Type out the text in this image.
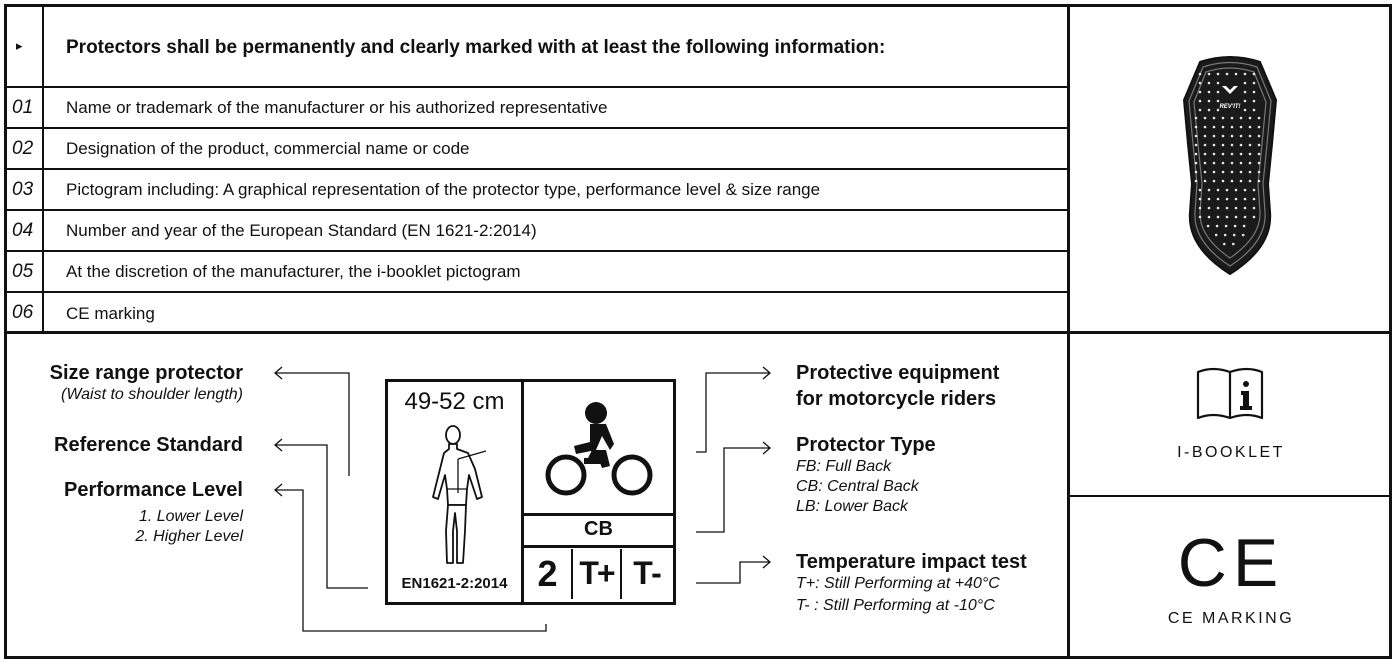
▸ Protectors shall be permanently and clearly marked with at least the following information:
01 Name or trademark of the manufacturer or his authorized representative
02 Designation of the product, commercial name or code
03 Pictogram including: A graphical representation of the protector type, performance level & size range
04 Number and year of the European Standard (EN 1621-2:2014)
05 At the discretion of the manufacturer, the i-booklet pictogram
06 CE marking
REV'IT!
Size range protector
(Waist to shoulder length)
Reference Standard
Performance Level
1. Lower Level
2. Higher Level
49-52 cm
EN1621-2:2014
CB
2 T+ T-
Protective equipment
for motorcycle riders
Protector Type
FB: Full Back
CB: Central Back
LB: Lower Back
Temperature impact test
T+: Still Performing at +40°C
T- : Still Performing at -10°C
I-BOOKLET
CE
CE MARKING
